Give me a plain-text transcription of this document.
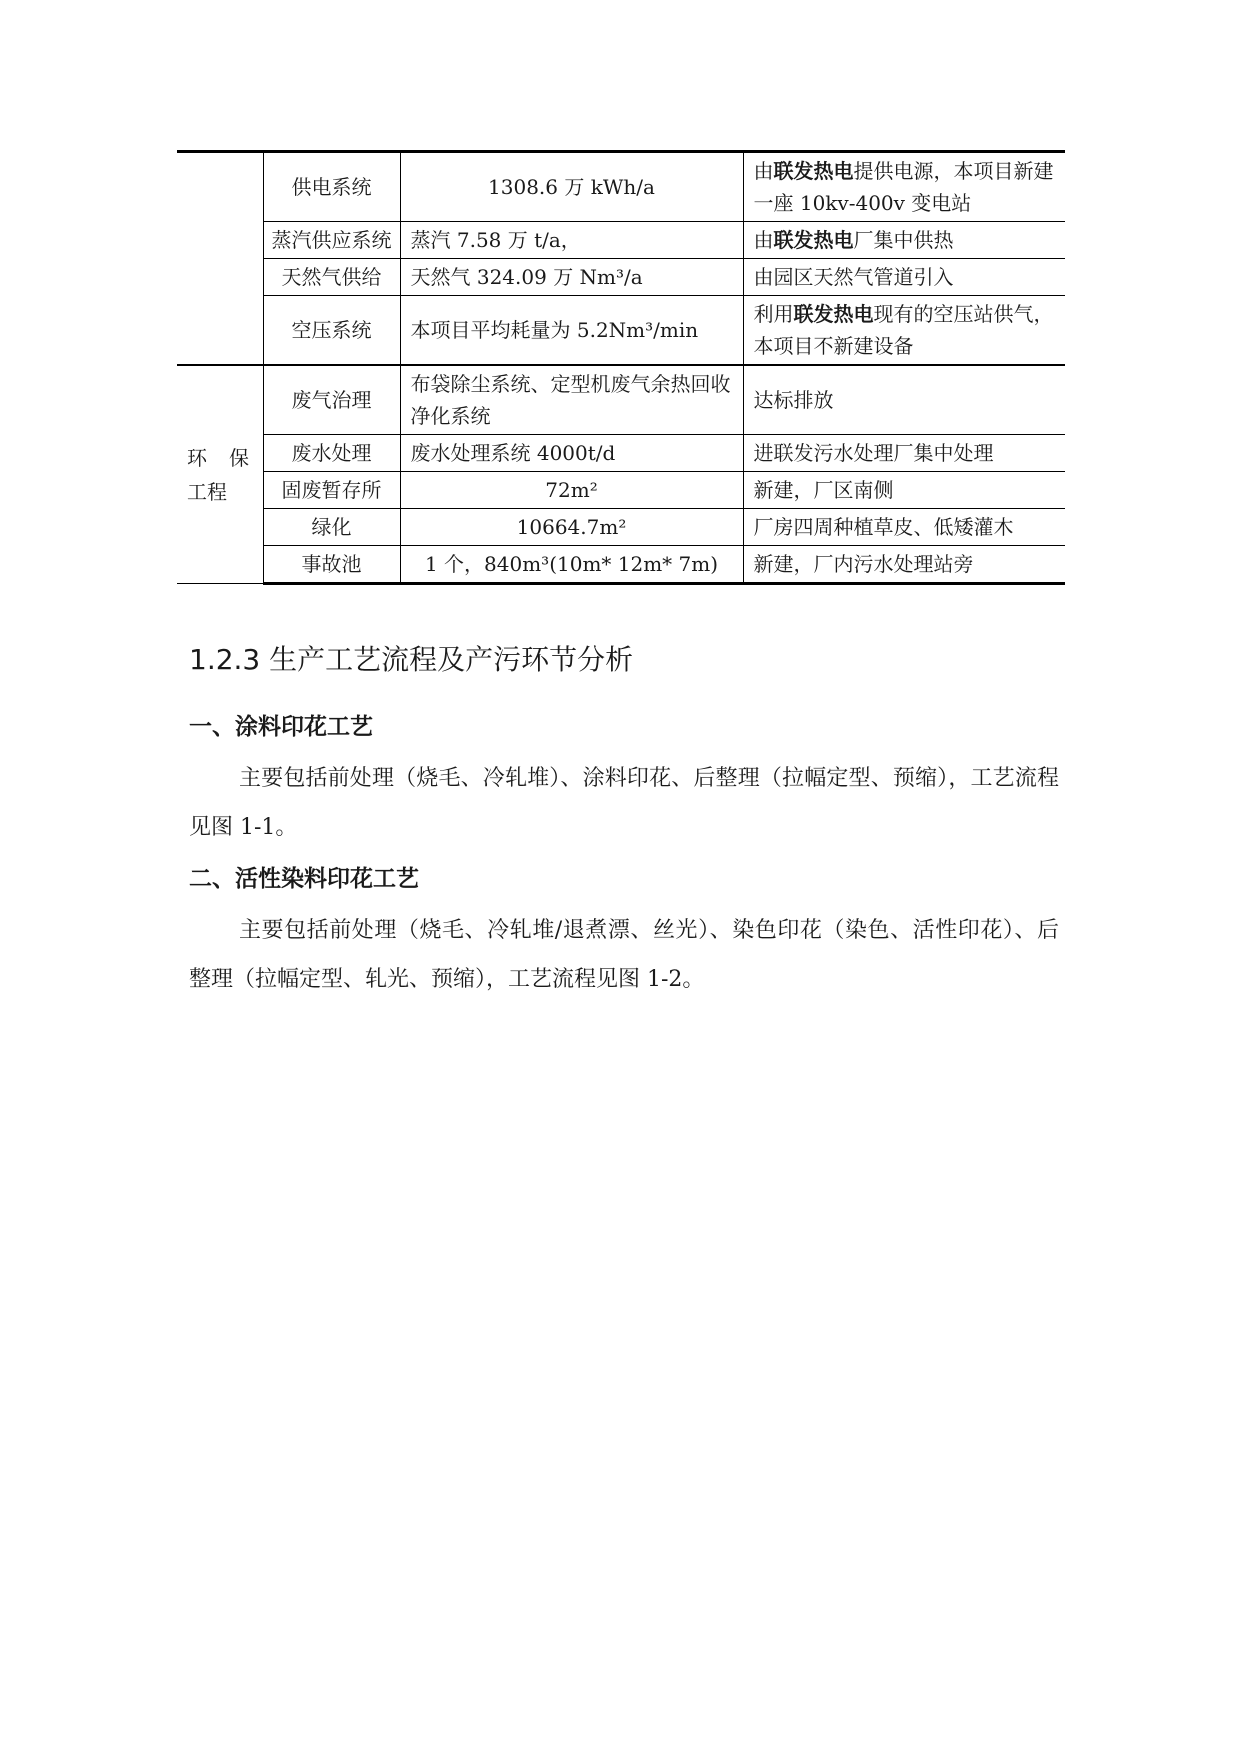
	供电系统	1308.6 万 kWh/a	由联发热电提供电源，本项目新建一座 10kv-400v 变电站
	蒸汽供应系统	蒸汽 7.58 万 t/a，	由联发热电厂集中供热
	天然气供给	天然气 324.09 万 Nm³/a	由园区天然气管道引入
	空压系统	本项目平均耗量为 5.2Nm³/min	利用联发热电现有的空压站供气，本项目不新建设备

环 保
工程	废气治理	布袋除尘系统、定型机废气余热回收净化系统	达标排放
	废水处理	废水处理系统 4000t/d	进联发污水处理厂集中处理
	固废暂存所	72m²	新建，厂区南侧
	绿化	10664.7m²	厂房四周种植草皮、低矮灌木
	事故池	1 个，840m³(10m* 12m* 7m)	新建，厂内污水处理站旁
1.2.3 生产工艺流程及产污环节分析
一、涂料印花工艺
主要包括前处理（烧毛、冷轧堆）、涂料印花、后整理（拉幅定型、预缩），工艺流程见图 1-1。
二、活性染料印花工艺
主要包括前处理（烧毛、冷轧堆/退煮漂、丝光）、染色印花（染色、活性印花）、后整理（拉幅定型、轧光、预缩），工艺流程见图 1-2。
